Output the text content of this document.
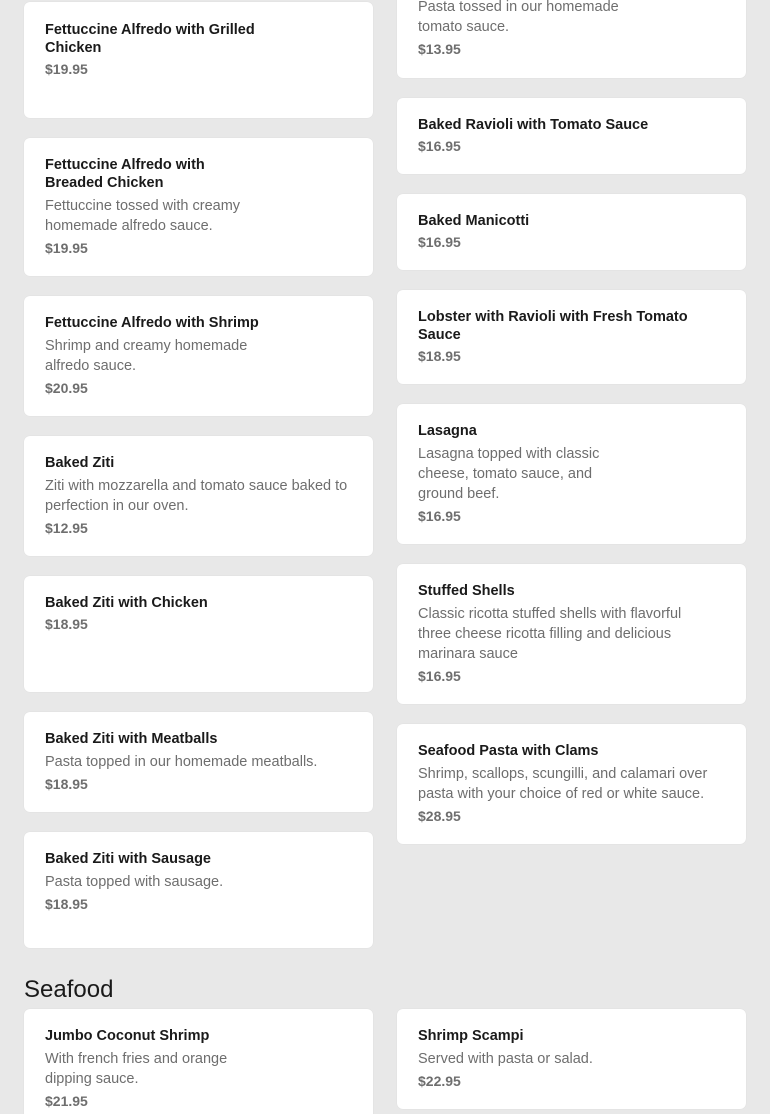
Fettuccine Alfredo with Grilled Chicken
$19.95
Fettuccine Alfredo with Breaded Chicken
Fettuccine tossed with creamy homemade alfredo sauce.
$19.95
Fettuccine Alfredo with Shrimp
Shrimp and creamy homemade alfredo sauce.
$20.95
Baked Ziti
Ziti with mozzarella and tomato sauce baked to perfection in our oven.
$12.95
Baked Ziti with Chicken
$18.95
Baked Ziti with Meatballs
Pasta topped in our homemade meatballs.
$18.95
Baked Ziti with Sausage
Pasta topped with sausage.
$18.95
Pasta tossed in our homemade tomato sauce.
$13.95
Baked Ravioli with Tomato Sauce
$16.95
Baked Manicotti
$16.95
Lobster with Ravioli with Fresh Tomato Sauce
$18.95
Lasagna
Lasagna topped with classic cheese, tomato sauce, and ground beef.
$16.95
Stuffed Shells
Classic ricotta stuffed shells with flavorful three cheese ricotta filling and delicious marinara sauce
$16.95
Seafood Pasta with Clams
Shrimp, scallops, scungilli, and calamari over pasta with your choice of red or white sauce.
$28.95
Seafood
Jumbo Coconut Shrimp
With french fries and orange dipping sauce.
$21.95
Shrimp Scampi
Served with pasta or salad.
$22.95
